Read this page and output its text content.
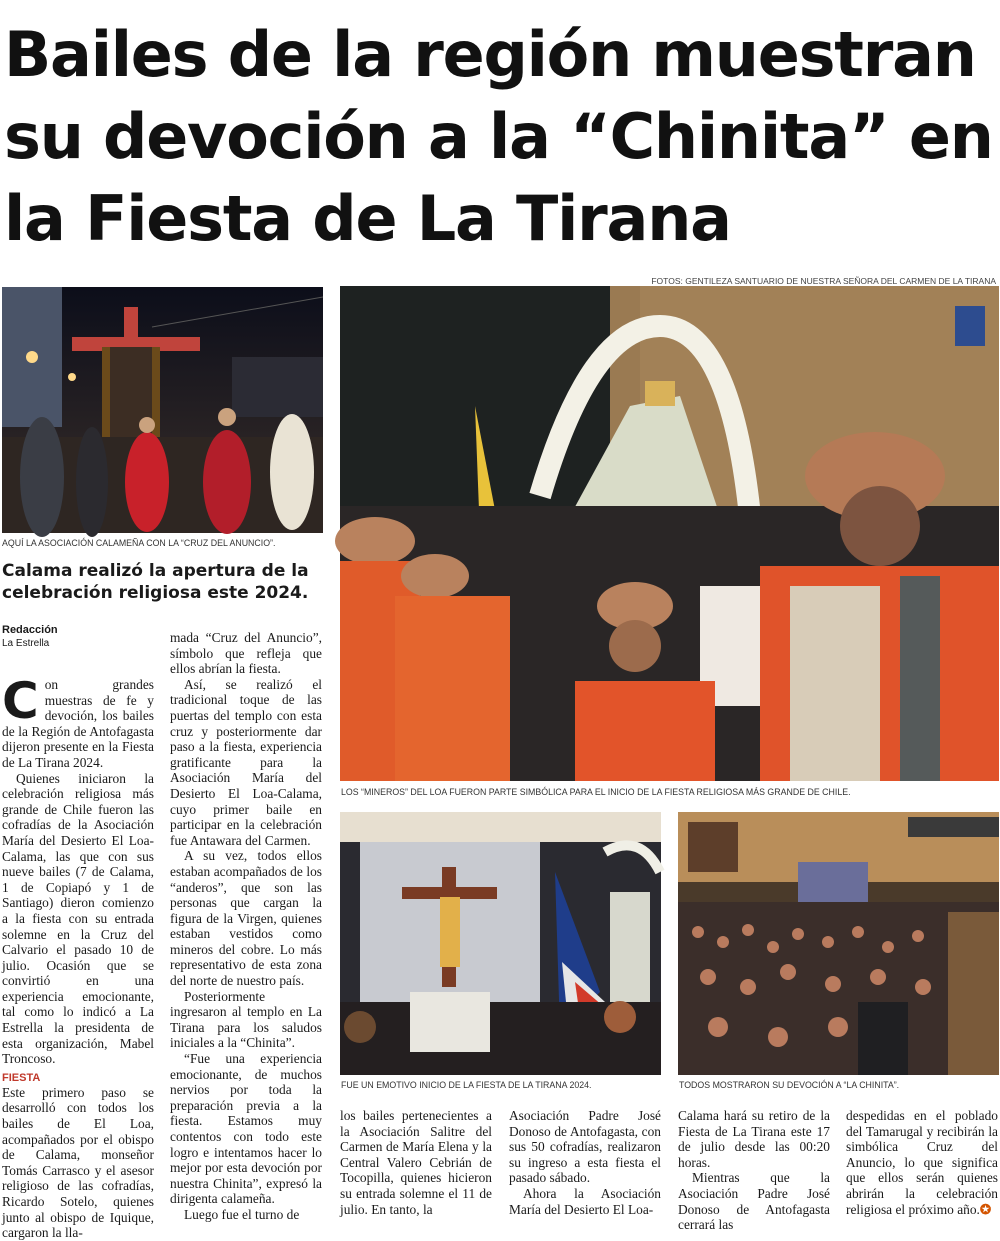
Bailes de la región muestran su devoción a la “Chinita” en la Fiesta de La Tirana
FOTOS: GENTILEZA SANTUARIO DE NUESTRA SEÑORA DEL CARMEN DE LA TIRANA
AQUÍ LA ASOCIACIÓN CALAMEÑA CON LA “CRUZ DEL ANUNCIO”.
LOS “MINEROS” DEL LOA FUERON PARTE SIMBÓLICA PARA EL INICIO DE LA FIESTA RELIGIOSA MÁS GRANDE DE CHILE.
FUE UN EMOTIVO INICIO DE LA FIESTA DE LA TIRANA 2024.	TODOS MOSTRARON SU DEVOCIÓN A “LA CHINITA”.
Calama realizó la apertura de la celebración religiosa este 2024.
Redacción
La Estrella

Con grandes muestras de fe y devoción, los bailes de la Región de Antofagasta dijeron presente en la Fiesta de La Tirana 2024.

Quienes iniciaron la celebración religiosa más grande de Chile fueron las cofradías de la Asociación María del Desierto El Loa-Calama, las que con sus nueve bailes (7 de Calama, 1 de Copiapó y 1 de Santiago) dieron comienzo a la fiesta con su entrada solemne en la Cruz del Calvario el pasado 10 de julio. Ocasión que se convirtió en una experiencia emocionante, tal como lo indicó a La Estrella la presidenta de esta organización, Mabel Troncoso.

FIESTA

Este primero paso se desarrolló con todos los bailes de El Loa, acompañados por el obispo de Calama, monseñor Tomás Carrasco y el asesor religioso de las cofradías, Ricardo Sotelo, quienes junto al obispo de Iquique, cargaron la lla-

mada “Cruz del Anuncio”, símbolo que refleja que ellos abrían la fiesta.

Así, se realizó el tradicional toque de las puertas del templo con esta cruz y posteriormente dar paso a la fiesta, experiencia gratificante para la Asociación María del Desierto El Loa-Calama, cuyo primer baile en participar en la celebración fue Antawara del Carmen.

A su vez, todos ellos estaban acompañados de los “anderos”, que son las personas que cargan la figura de la Virgen, quienes estaban vestidos como mineros del cobre. Lo más representativo de esta zona del norte de nuestro país.

Posteriormente ingresaron al templo en La Tirana para los saludos iniciales a la “Chinita”.

“Fue una experiencia emocionante, de muchos nervios por toda la preparación previa a la fiesta. Estamos muy contentos con todo este logro e intentamos hacer lo mejor por esta devoción por nuestra Chinita”, expresó la dirigenta calameña.

Luego fue el turno de

los bailes pertenecientes a la Asociación Salitre del Carmen de María Elena y la Central Valero Cebrián de Tocopilla, quienes hicieron su entrada solemne el 11 de julio. En tanto, la

Asociación Padre José Donoso de Antofagasta, con sus 50 cofradías, realizaron su ingreso a esta fiesta el pasado sábado.

Ahora la Asociación María del Desierto El Loa-

Calama hará su retiro de la Fiesta de La Tirana este 17 de julio desde las 00:20 horas.

Mientras que la Asociación Padre José Donoso de Antofagasta cerrará las

despedidas en el poblado del Tamarugal y recibirán la simbólica Cruz del Anuncio, lo que significa que ellos serán quienes abrirán la celebración religiosa el próximo año.✪
